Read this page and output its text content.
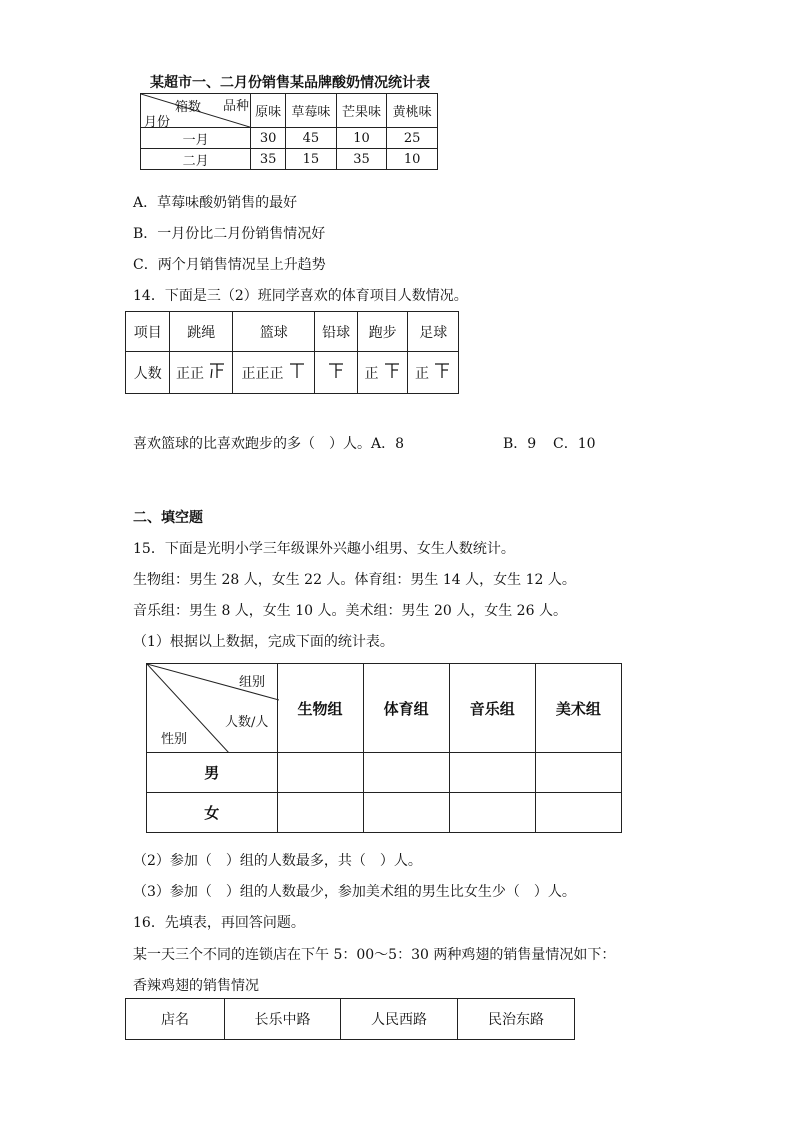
某超市一、二月份销售某品牌酸奶情况统计表
箱数 品种
月份	原味	草莓味	芒果味	黄桃味
一月	30	45	10	25
二月	35	15	35	10
A．草莓味酸奶销售的最好
B．一月份比二月份销售情况好
C．两个月销售情况呈上升趋势
14．下面是三（2）班同学喜欢的体育项目人数情况。
项目	跳绳	篮球	铅球	跑步	足球
人数	正正	正正正		正	正
喜欢篮球的比喜欢跑步的多（　）人。A．8	B．9 C．10
二、填空题
15．下面是光明小学三年级课外兴趣小组男、女生人数统计。
生物组：男生 28 人，女生 22 人。体育组：男生 14 人，女生 12 人。
音乐组：男生 8 人，女生 10 人。美术组：男生 20 人，女生 26 人。
（1）根据以上数据，完成下面的统计表。
组别
人数/人
性别	生物组	体育组	音乐组	美术组
男				
女				
（2）参加（　）组的人数最多，共（　）人。
（3）参加（　）组的人数最少，参加美术组的男生比女生少（　）人。
16．先填表，再回答问题。
某一天三个不同的连锁店在下午 5：00～5：30 两种鸡翅的销售量情况如下：
香辣鸡翅的销售情况
店名	长乐中路	人民西路	民治东路
